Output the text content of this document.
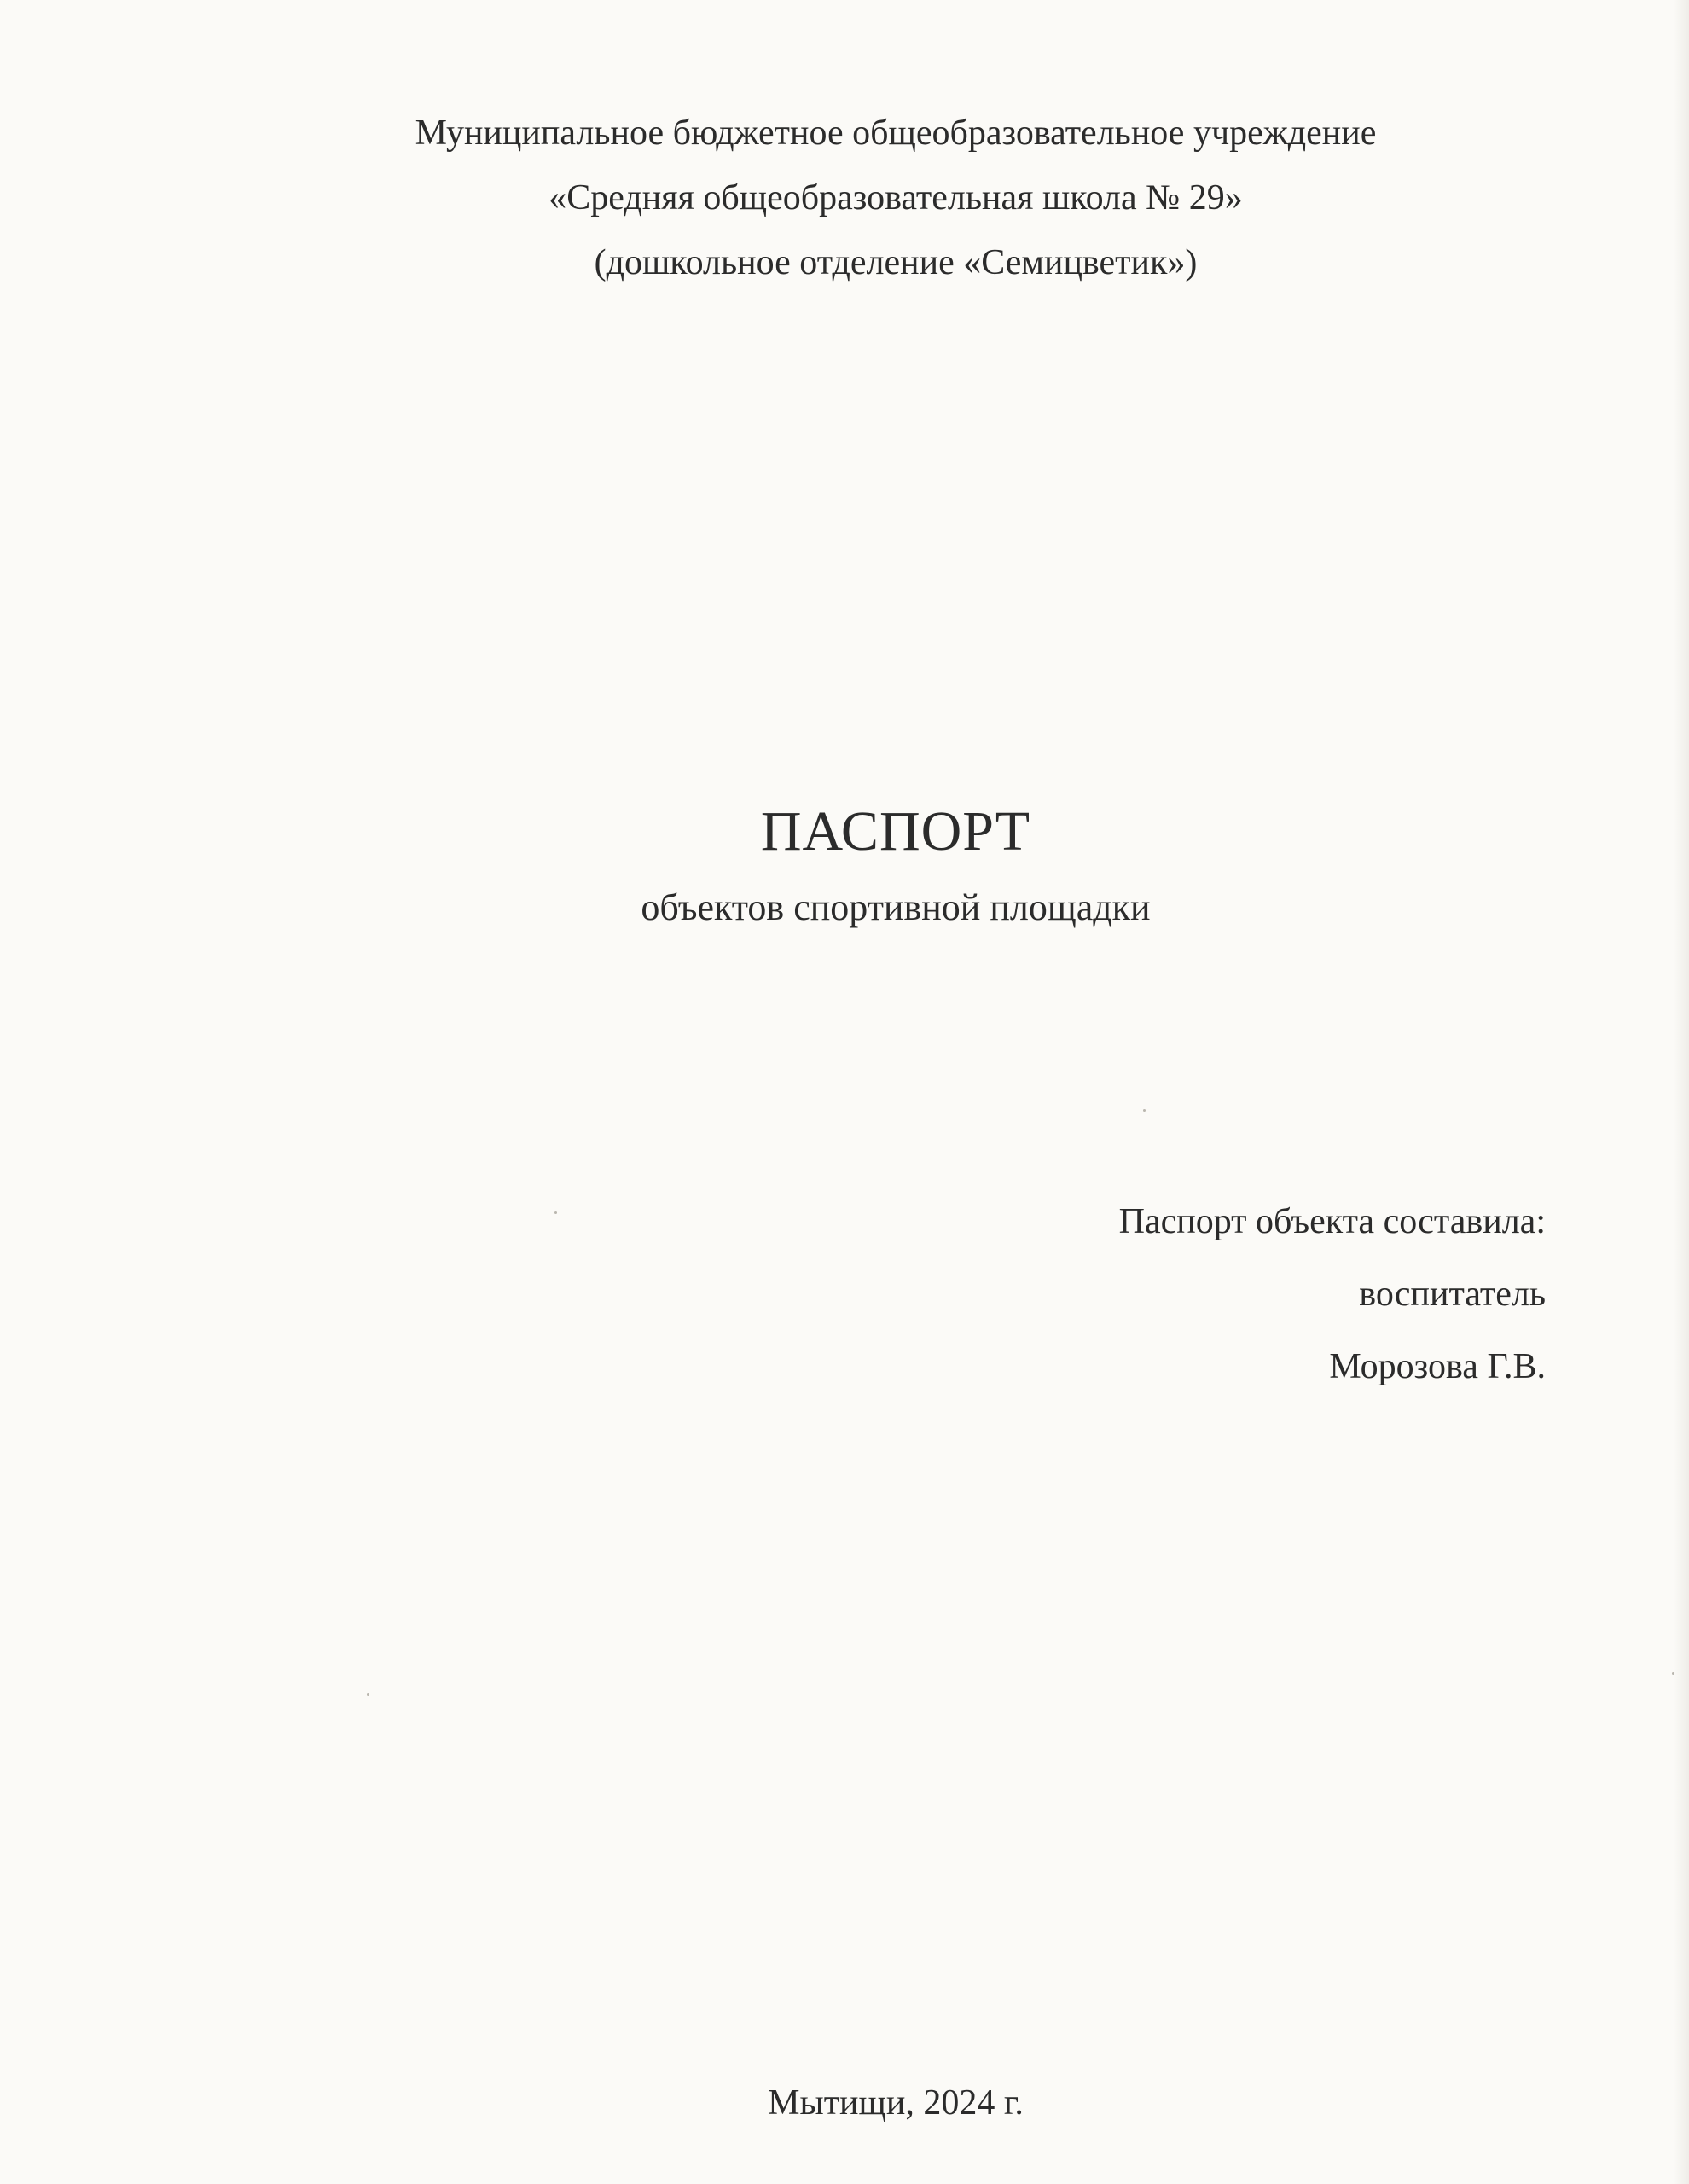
Муниципальное бюджетное общеобразовательное учреждение
«Средняя общеобразовательная школа № 29»
(дошкольное отделение «Семицветик»)
ПАСПОРТ
объектов спортивной площадки
Паспорт объекта составила:
воспитатель
Морозова Г.В.
Мытищи, 2024 г.
